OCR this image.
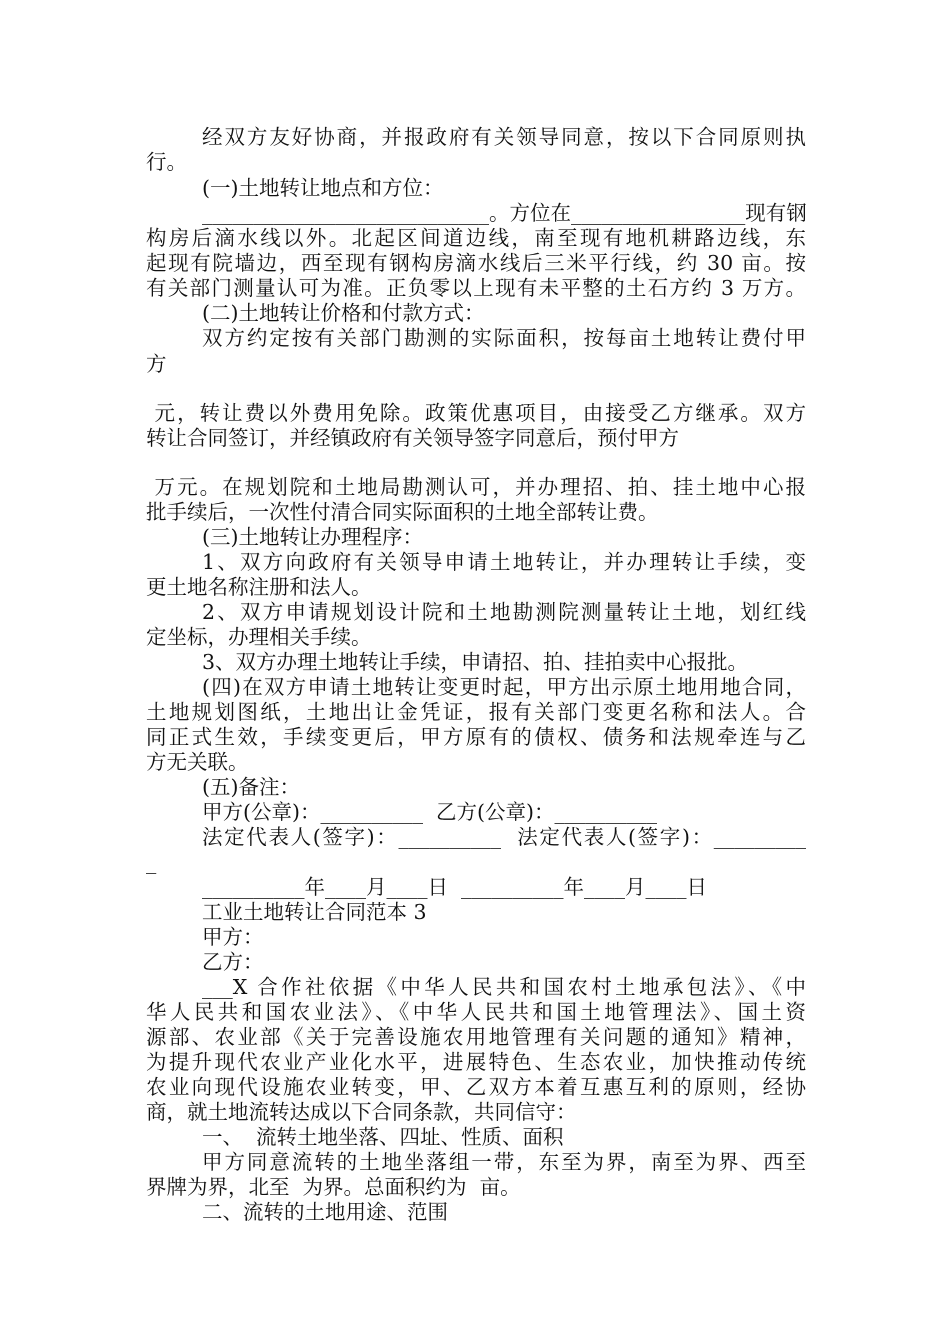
经双方友好协商，并报政府有关领导同意，按以下合同原则执
行。
(一)土地转让地点和方位：
____________________________。方位在_________________现有钢
构房后滴水线以外。北起区间道边线，南至现有地机耕路边线，东
起现有院墙边，西至现有钢构房滴水线后三米平行线，约 30 亩。按
有关部门测量认可为准。正负零以上现有未平整的土石方约 3 万方。
(二)土地转让价格和付款方式：
双方约定按有关部门勘测的实际面积，按每亩土地转让费付甲
方
元，转让费以外费用免除。政策优惠项目，由接受乙方继承。双方
转让合同签订，并经镇政府有关领导签字同意后，预付甲方
万元。在规划院和土地局勘测认可，并办理招、拍、挂土地中心报
批手续后，一次性付清合同实际面积的土地全部转让费。
(三)土地转让办理程序：
1、双方向政府有关领导申请土地转让，并办理转让手续，变
更土地名称注册和法人。
2、双方申请规划设计院和土地勘测院测量转让土地，划红线
定坐标，办理相关手续。
3、双方办理土地转让手续，申请招、拍、挂拍卖中心报批。
(四)在双方申请土地转让变更时起，甲方出示原土地用地合同，
土地规划图纸，土地出让金凭证，报有关部门变更名称和法人。合
同正式生效，手续变更后，甲方原有的债权、债务和法规牵连与乙
方无关联。
(五)备注：
甲方(公章)：__________  乙方(公章)：__________
法定代表人(签字)：__________  法定代表人(签字)：_________
_
__________年____月____日  __________年____月____日
工业土地转让合同范本 3
甲方：
乙方：
___X 合作社依据《中华人民共和国农村土地承包法》、《中
华人民共和国农业法》、《中华人民共和国土地管理法》、国土资
源部、农业部《关于完善设施农用地管理有关问题的通知》精神，
为提升现代农业产业化水平，进展特色、生态农业，加快推动传统
农业向现代设施农业转变，甲、乙双方本着互惠互利的原则，经协
商，就土地流转达成以下合同条款，共同信守：
一、  流转土地坐落、四址、性质、面积
甲方同意流转的土地坐落组一带，东至为界，南至为界、西至
界牌为界，北至  为界。总面积约为  亩。
二、流转的土地用途、范围
